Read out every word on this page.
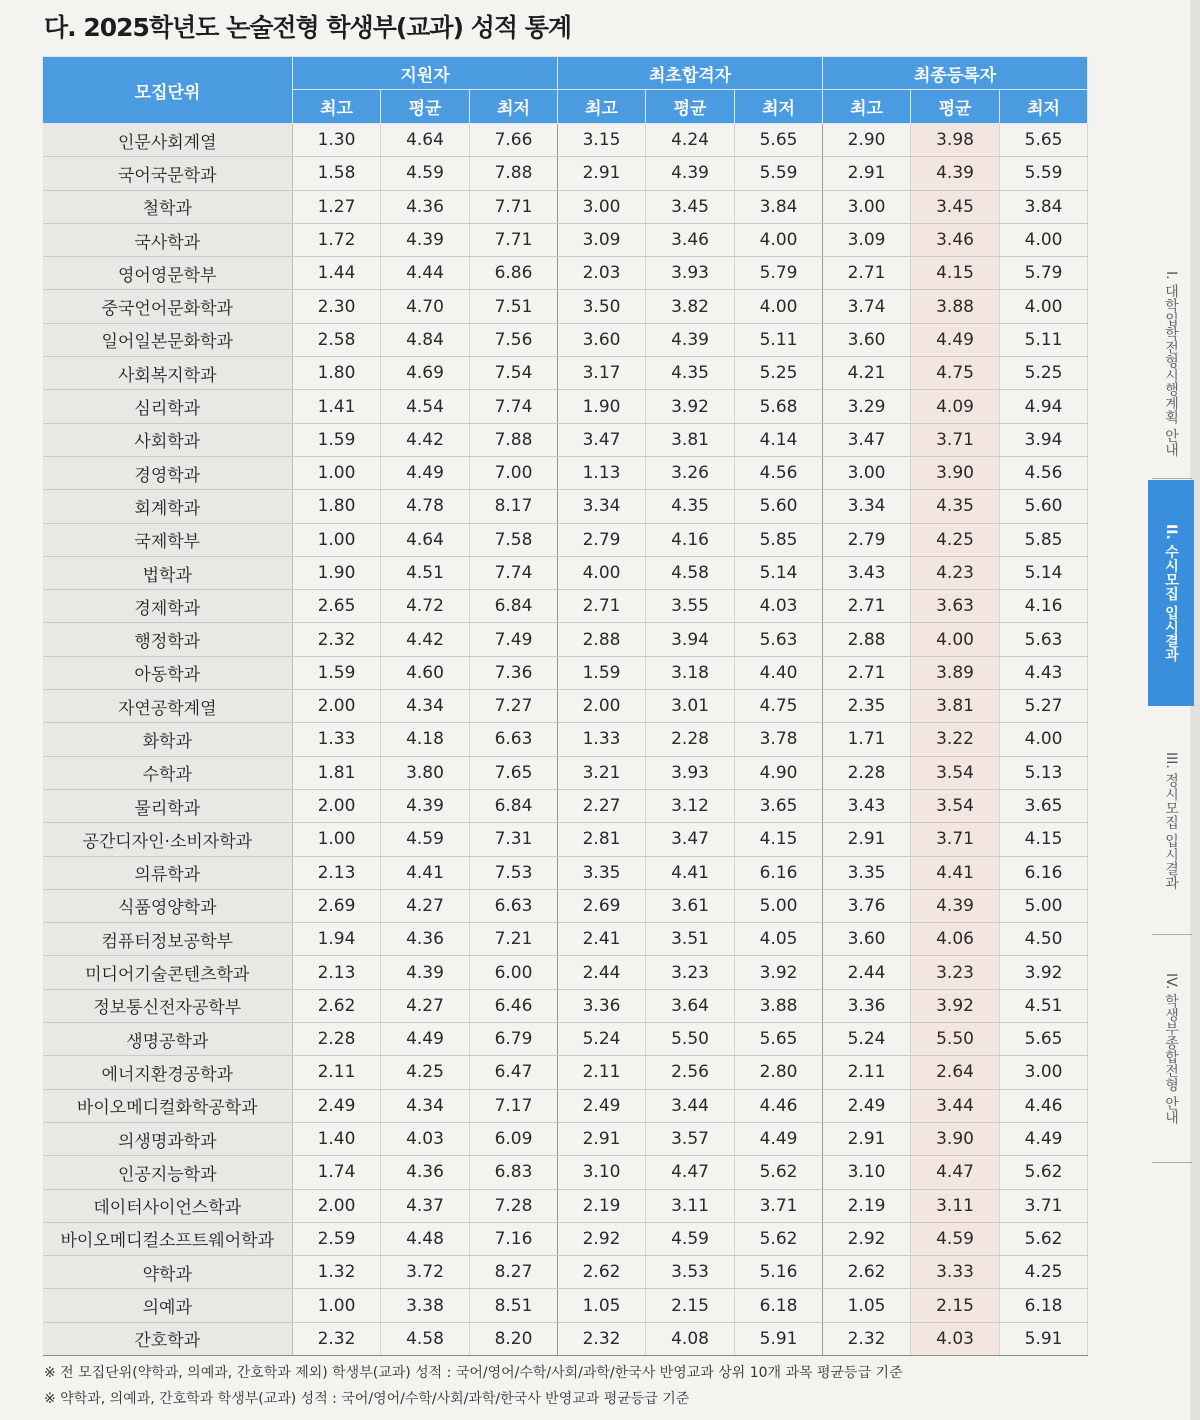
다. 2025학년도 논술전형 학생부(교과) 성적 통계
모집단위	지원자			최초합격자			최종등록자		
	최고	평균	최저	최고	평균	최저	최고	평균	최저
인문사회계열	1.30	4.64	7.66	3.15	4.24	5.65	2.90	3.98	5.65
국어국문학과	1.58	4.59	7.88	2.91	4.39	5.59	2.91	4.39	5.59
철학과	1.27	4.36	7.71	3.00	3.45	3.84	3.00	3.45	3.84
국사학과	1.72	4.39	7.71	3.09	3.46	4.00	3.09	3.46	4.00
영어영문학부	1.44	4.44	6.86	2.03	3.93	5.79	2.71	4.15	5.79
중국언어문화학과	2.30	4.70	7.51	3.50	3.82	4.00	3.74	3.88	4.00
일어일본문화학과	2.58	4.84	7.56	3.60	4.39	5.11	3.60	4.49	5.11
사회복지학과	1.80	4.69	7.54	3.17	4.35	5.25	4.21	4.75	5.25
심리학과	1.41	4.54	7.74	1.90	3.92	5.68	3.29	4.09	4.94
사회학과	1.59	4.42	7.88	3.47	3.81	4.14	3.47	3.71	3.94
경영학과	1.00	4.49	7.00	1.13	3.26	4.56	3.00	3.90	4.56
회계학과	1.80	4.78	8.17	3.34	4.35	5.60	3.34	4.35	5.60
국제학부	1.00	4.64	7.58	2.79	4.16	5.85	2.79	4.25	5.85
법학과	1.90	4.51	7.74	4.00	4.58	5.14	3.43	4.23	5.14
경제학과	2.65	4.72	6.84	2.71	3.55	4.03	2.71	3.63	4.16
행정학과	2.32	4.42	7.49	2.88	3.94	5.63	2.88	4.00	5.63
아동학과	1.59	4.60	7.36	1.59	3.18	4.40	2.71	3.89	4.43
자연공학계열	2.00	4.34	7.27	2.00	3.01	4.75	2.35	3.81	5.27
화학과	1.33	4.18	6.63	1.33	2.28	3.78	1.71	3.22	4.00
수학과	1.81	3.80	7.65	3.21	3.93	4.90	2.28	3.54	5.13
물리학과	2.00	4.39	6.84	2.27	3.12	3.65	3.43	3.54	3.65
공간디자인·소비자학과	1.00	4.59	7.31	2.81	3.47	4.15	2.91	3.71	4.15
의류학과	2.13	4.41	7.53	3.35	4.41	6.16	3.35	4.41	6.16
식품영양학과	2.69	4.27	6.63	2.69	3.61	5.00	3.76	4.39	5.00
컴퓨터정보공학부	1.94	4.36	7.21	2.41	3.51	4.05	3.60	4.06	4.50
미디어기술콘텐츠학과	2.13	4.39	6.00	2.44	3.23	3.92	2.44	3.23	3.92
정보통신전자공학부	2.62	4.27	6.46	3.36	3.64	3.88	3.36	3.92	4.51
생명공학과	2.28	4.49	6.79	5.24	5.50	5.65	5.24	5.50	5.65
에너지환경공학과	2.11	4.25	6.47	2.11	2.56	2.80	2.11	2.64	3.00
바이오메디컬화학공학과	2.49	4.34	7.17	2.49	3.44	4.46	2.49	3.44	4.46
의생명과학과	1.40	4.03	6.09	2.91	3.57	4.49	2.91	3.90	4.49
인공지능학과	1.74	4.36	6.83	3.10	4.47	5.62	3.10	4.47	5.62
데이터사이언스학과	2.00	4.37	7.28	2.19	3.11	3.71	2.19	3.11	3.71
바이오메디컬소프트웨어학과	2.59	4.48	7.16	2.92	4.59	5.62	2.92	4.59	5.62
약학과	1.32	3.72	8.27	2.62	3.53	5.16	2.62	3.33	4.25
의예과	1.00	3.38	8.51	1.05	2.15	6.18	1.05	2.15	6.18
간호학과	2.32	4.58	8.20	2.32	4.08	5.91	2.32	4.03	5.91

※ 전 모집단위(약학과, 의예과, 간호학과 제외) 학생부(교과) 성적 : 국어/영어/수학/사회/과학/한국사 반영교과 상위 10개 과목 평균등급 기준

※ 약학과, 의예과, 간호학과 학생부(교과) 성적 : 국어/영어/수학/사회/과학/한국사 반영교과 평균등급 기준

I. 대학입학전형시행계획 안내
II. 수시모집 입시결과
III. 정시모집 입시결과
IV. 학생부종합전형 안내
